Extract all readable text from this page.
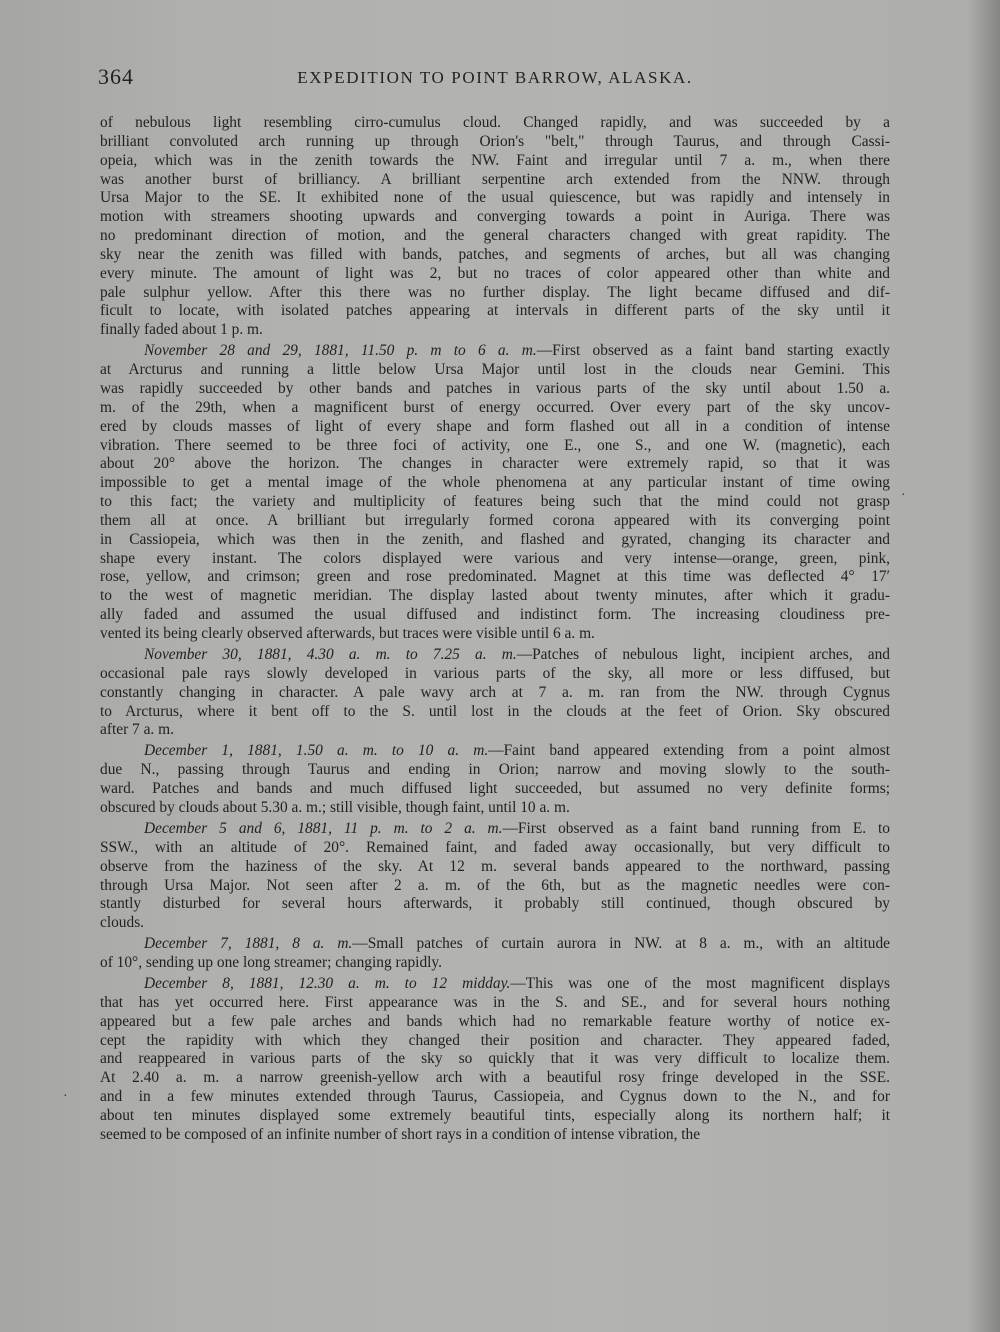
364	EXPEDITION TO POINT BARROW, ALASKA.
·
·
of nebulous light resembling cirro-cumulus cloud. Changed rapidly, and was succeeded by a
brilliant convoluted arch running up through Orion's "belt," through Taurus, and through Cassi-
opeia, which was in the zenith towards the NW. Faint and irregular until 7 a. m., when there
was another burst of brilliancy. A brilliant serpentine arch extended from the NNW. through
Ursa Major to the SE. It exhibited none of the usual quiescence, but was rapidly and intensely in
motion with streamers shooting upwards and converging towards a point in Auriga. There was
no predominant direction of motion, and the general characters changed with great rapidity. The
sky near the zenith was filled with bands, patches, and segments of arches, but all was changing
every minute. The amount of light was 2, but no traces of color appeared other than white and
pale sulphur yellow. After this there was no further display. The light became diffused and dif-
ficult to locate, with isolated patches appearing at intervals in different parts of the sky until it
finally faded about 1 p. m.
November 28 and 29, 1881, 11.50 p. m to 6 a. m.—First observed as a faint band starting exactly
at Arcturus and running a little below Ursa Major until lost in the clouds near Gemini. This
was rapidly succeeded by other bands and patches in various parts of the sky until about 1.50 a.
m. of the 29th, when a magnificent burst of energy occurred. Over every part of the sky uncov-
ered by clouds masses of light of every shape and form flashed out all in a condition of intense
vibration. There seemed to be three foci of activity, one E., one S., and one W. (magnetic), each
about 20° above the horizon. The changes in character were extremely rapid, so that it was
impossible to get a mental image of the whole phenomena at any particular instant of time owing
to this fact; the variety and multiplicity of features being such that the mind could not grasp
them all at once. A brilliant but irregularly formed corona appeared with its converging point
in Cassiopeia, which was then in the zenith, and flashed and gyrated, changing its character and
shape every instant. The colors displayed were various and very intense—orange, green, pink,
rose, yellow, and crimson; green and rose predominated. Magnet at this time was deflected 4° 17′
to the west of magnetic meridian. The display lasted about twenty minutes, after which it gradu-
ally faded and assumed the usual diffused and indistinct form. The increasing cloudiness pre-
vented its being clearly observed afterwards, but traces were visible until 6 a. m.
November 30, 1881, 4.30 a. m. to 7.25 a. m.—Patches of nebulous light, incipient arches, and
occasional pale rays slowly developed in various parts of the sky, all more or less diffused, but
constantly changing in character. A pale wavy arch at 7 a. m. ran from the NW. through Cygnus
to Arcturus, where it bent off to the S. until lost in the clouds at the feet of Orion. Sky obscured
after 7 a. m.
December 1, 1881, 1.50 a. m. to 10 a. m.—Faint band appeared extending from a point almost
due N., passing through Taurus and ending in Orion; narrow and moving slowly to the south-
ward. Patches and bands and much diffused light succeeded, but assumed no very definite forms;
obscured by clouds about 5.30 a. m.; still visible, though faint, until 10 a. m.
December 5 and 6, 1881, 11 p. m. to 2 a. m.—First observed as a faint band running from E. to
SSW., with an altitude of 20°. Remained faint, and faded away occasionally, but very difficult to
observe from the haziness of the sky. At 12 m. several bands appeared to the northward, passing
through Ursa Major. Not seen after 2 a. m. of the 6th, but as the magnetic needles were con-
stantly disturbed for several hours afterwards, it probably still continued, though obscured by
clouds.
December 7, 1881, 8 a. m.—Small patches of curtain aurora in NW. at 8 a. m., with an altitude
of 10°, sending up one long streamer; changing rapidly.
December 8, 1881, 12.30 a. m. to 12 midday.—This was one of the most magnificent displays
that has yet occurred here. First appearance was in the S. and SE., and for several hours nothing
appeared but a few pale arches and bands which had no remarkable feature worthy of notice ex-
cept the rapidity with which they changed their position and character. They appeared faded,
and reappeared in various parts of the sky so quickly that it was very difficult to localize them.
At 2.40 a. m. a narrow greenish-yellow arch with a beautiful rosy fringe developed in the SSE.
and in a few minutes extended through Taurus, Cassiopeia, and Cygnus down to the N., and for
about ten minutes displayed some extremely beautiful tints, especially along its northern half; it
seemed to be composed of an infinite number of short rays in a condition of intense vibration, the
